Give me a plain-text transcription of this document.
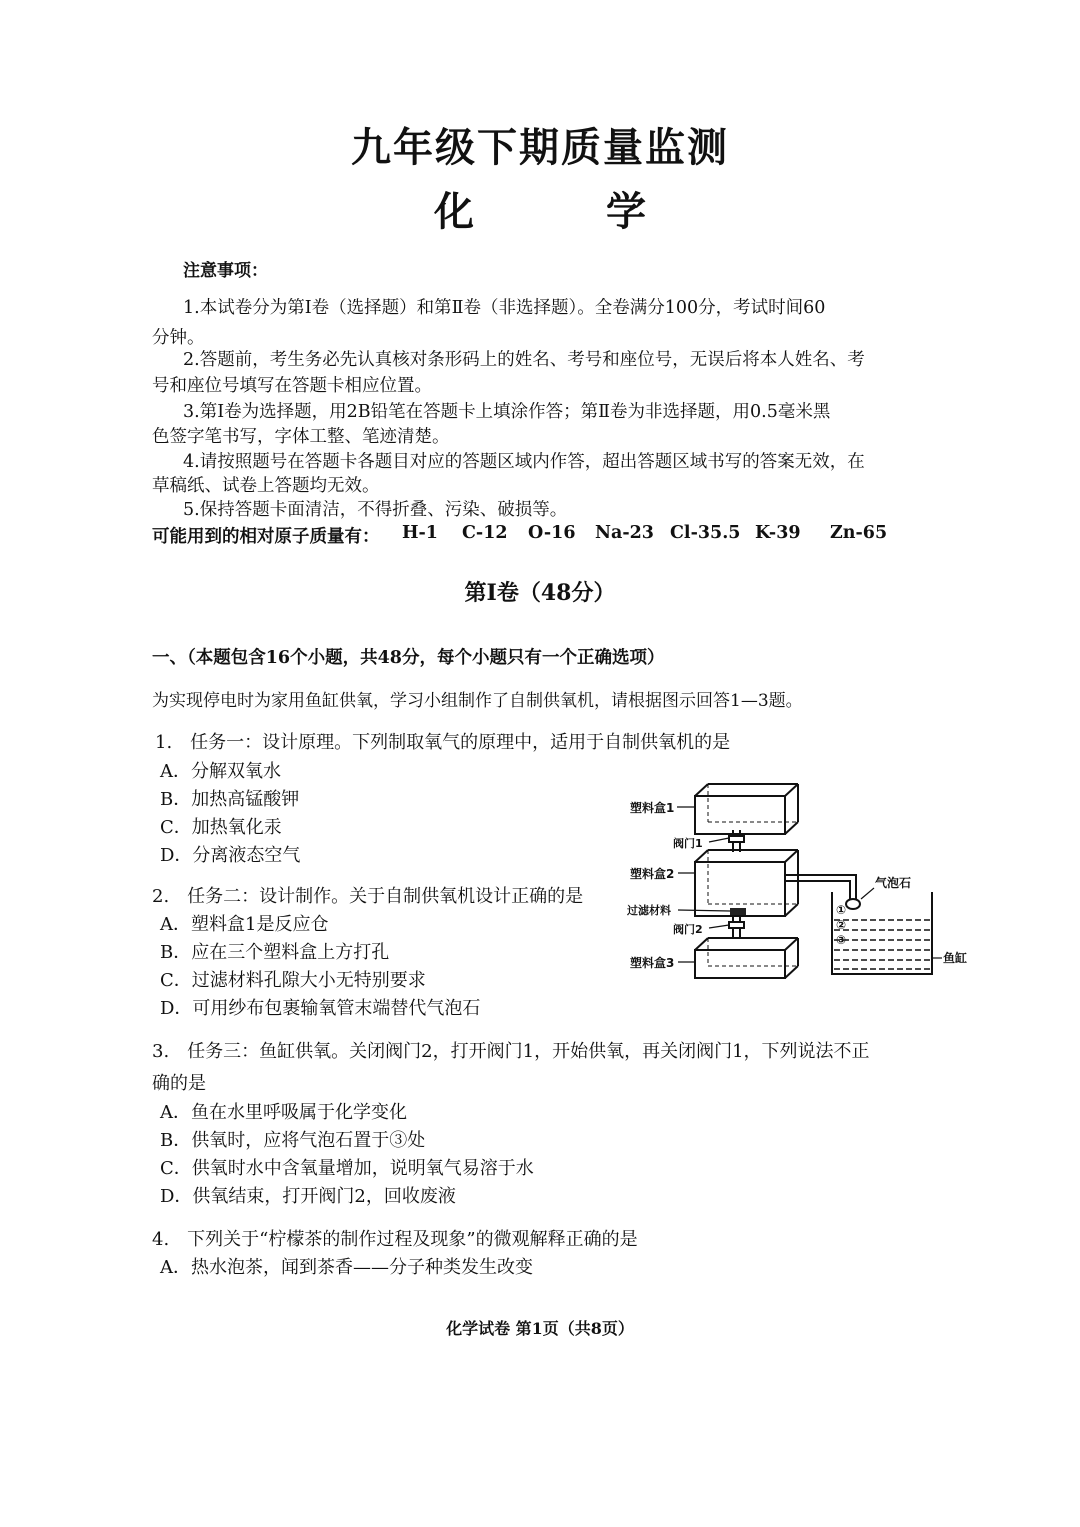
九年级下期质量监测
化　学
注意事项：
1.本试卷分为第Ⅰ卷（选择题）和第Ⅱ卷（非选择题）。全卷满分100分，考试时间60
分钟。
2.答题前，考生务必先认真核对条形码上的姓名、考号和座位号，无误后将本人姓名、考
号和座位号填写在答题卡相应位置。
3.第Ⅰ卷为选择题，用2B铅笔在答题卡上填涂作答；第Ⅱ卷为非选择题，用0.5毫米黑
色签字笔书写，字体工整、笔迹清楚。
4.请按照题号在答题卡各题目对应的答题区域内作答，超出答题区域书写的答案无效，在
草稿纸、试卷上答题均无效。
5.保持答题卡面清洁，不得折叠、污染、破损等。
可能用到的相对原子质量有： H-1 C-12 O-16 Na-23 Cl-35.5 K-39 Zn-65
第Ⅰ卷（48分）
一、（本题包含16个小题，共48分，每个小题只有一个正确选项）
为实现停电时为家用鱼缸供氧，学习小组制作了自制供氧机，请根据图示回答1—3题。
1.　任务一：设计原理。下列制取氧气的原理中，适用于自制供氧机的是
A．分解双氧水
B．加热高锰酸钾
C．加热氧化汞
D．分离液态空气
2.　任务二：设计制作。关于自制供氧机设计正确的是
A．塑料盒1是反应仓
B．应在三个塑料盒上方打孔
C．过滤材料孔隙大小无特别要求
D．可用纱布包裹输氧管末端替代气泡石
3.　任务三：鱼缸供氧。关闭阀门2，打开阀门1，开始供氧，再关闭阀门1，下列说法不正
确的是
A．鱼在水里呼吸属于化学变化
B．供氧时，应将气泡石置于③处
C．供氧时水中含氧量增加，说明氧气易溶于水
D．供氧结束，打开阀门2，回收废液
4.　下列关于“柠檬茶的制作过程及现象”的微观解释正确的是
A．热水泡茶，闻到茶香——分子种类发生改变
塑料盒1
阀门1
塑料盒2
过滤材料
阀门2
塑料盒3
气泡石
鱼缸
①
②
③
化学试卷 第1页（共8页）
